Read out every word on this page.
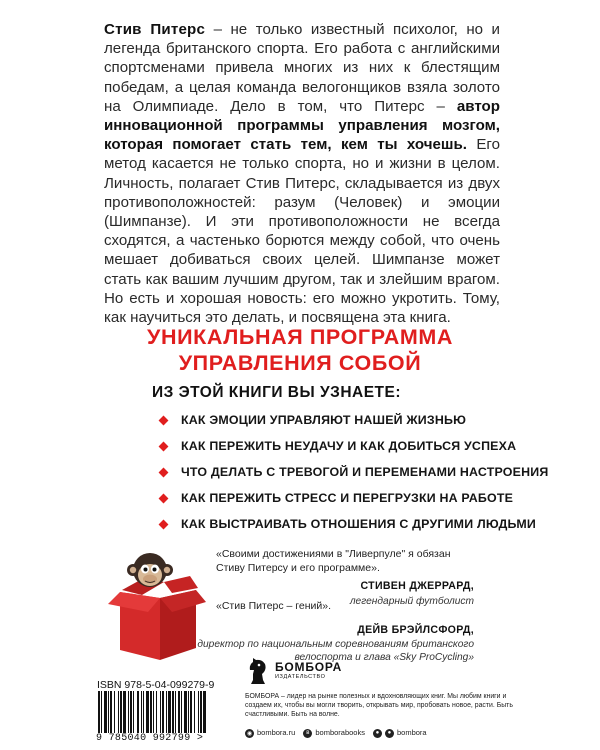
Стив Питерс – не только известный психолог, но и легенда британского спорта. Его работа с английскими спортсменами привела многих из них к блестящим победам, а целая команда велогонщиков взяла золото на Олимпиаде. Дело в том, что Питерс – автор инновационной программы управления мозгом, которая помогает стать тем, кем ты хочешь. Его метод касается не только спорта, но и жизни в целом. Личность, полагает Стив Питерс, складывается из двух противоположностей: разум (Человек) и эмоции (Шимпанзе). И эти противоположности не всегда сходятся, а частенько борются между собой, что очень мешает добиваться своих целей. Шимпанзе может стать как вашим лучшим другом, так и злейшим врагом. Но есть и хорошая новость: его можно укротить. Тому, как научиться это делать, и посвящена эта книга.
УНИКАЛЬНАЯ ПРОГРАММА
УПРАВЛЕНИЯ СОБОЙ
ИЗ ЭТОЙ КНИГИ ВЫ УЗНАЕТЕ:
КАК ЭМОЦИИ УПРАВЛЯЮТ НАШЕЙ ЖИЗНЬЮ
КАК ПЕРЕЖИТЬ НЕУДАЧУ И КАК ДОБИТЬСЯ УСПЕХА
ЧТО ДЕЛАТЬ С ТРЕВОГОЙ И ПЕРЕМЕНАМИ НАСТРОЕНИЯ
КАК ПЕРЕЖИТЬ СТРЕСС И ПЕРЕГРУЗКИ НА РАБОТЕ
КАК ВЫСТРАИВАТЬ ОТНОШЕНИЯ С ДРУГИМИ ЛЮДЬМИ
«Своими достижениями в "Ливерпуле" я обязан Стиву Питерсу и его программе».
СТИВЕН ДЖЕРРАРД,
легендарный футболист
«Стив Питерс – гений».
ДЕЙВ БРЭЙЛСФОРД,
директор по национальным соревнованиям британского велоспорта и глава «Sky ProCycling»
ISBN 978-5-04-099279-9
9 785040 992799 >
БОМБОРА
ИЗДАТЕЛЬСТВО
БОМБОРА – лидер на рынке полезных и вдохновляющих книг. Мы любим книги и создаем их, чтобы вы могли творить, открывать мир, пробовать новое, расти. Быть счастливыми. Быть на волне.
◉ bombora.ru	в bomborabooks	● ● bombora
